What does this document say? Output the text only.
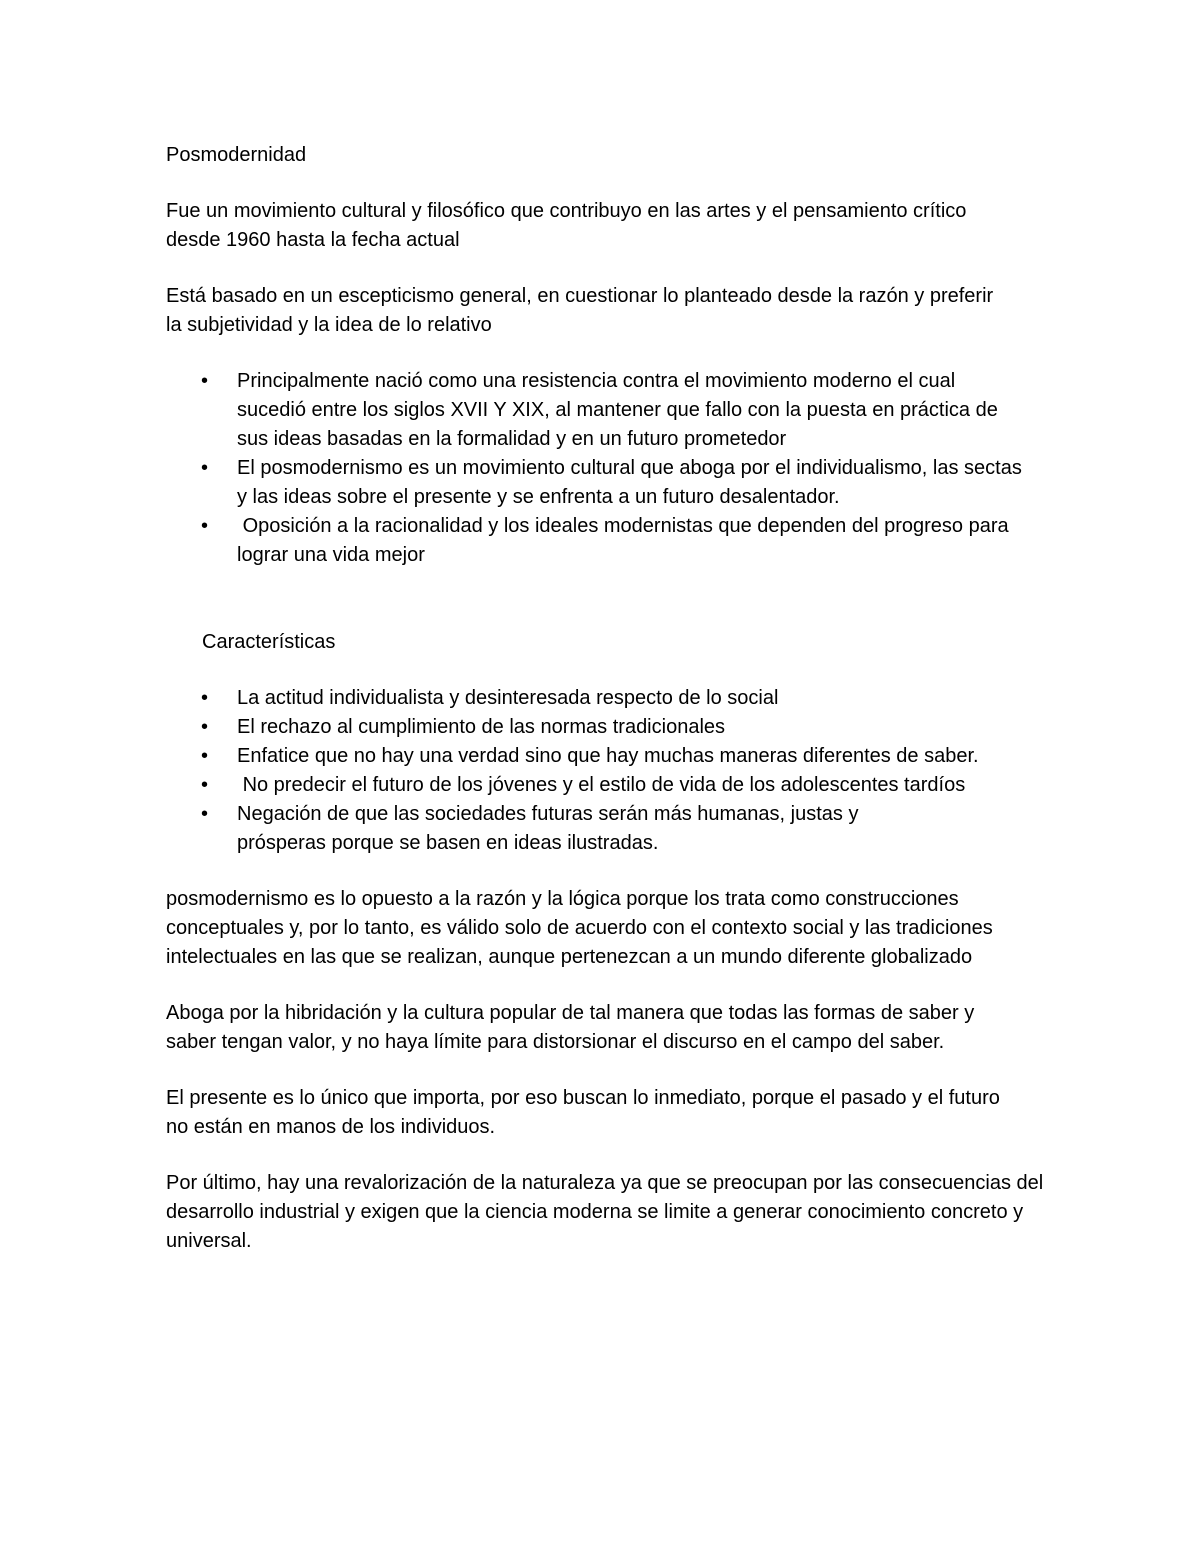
Posmodernidad
Fue un movimiento cultural y filosófico que contribuyo en las artes y el pensamiento crítico desde 1960 hasta la fecha actual
Está basado en un escepticismo general, en cuestionar lo planteado desde la razón y preferir la subjetividad y la idea de lo relativo
• Principalmente nació como una resistencia contra el movimiento moderno el cual sucedió entre los siglos XVII Y XIX, al mantener que fallo con la puesta en práctica de sus ideas basadas en la formalidad y en un futuro prometedor
• El posmodernismo es un movimiento cultural que aboga por el individualismo, las sectas y las ideas sobre el presente y se enfrenta a un futuro desalentador.
• Oposición a la racionalidad y los ideales modernistas que dependen del progreso para lograr una vida mejor
Características
• La actitud individualista y desinteresada respecto de lo social
• El rechazo al cumplimiento de las normas tradicionales
• Enfatice que no hay una verdad sino que hay muchas maneras diferentes de saber.
• No predecir el futuro de los jóvenes y el estilo de vida de los adolescentes tardíos
• Negación de que las sociedades futuras serán más humanas, justas y prósperas porque se basen en ideas ilustradas.
posmodernismo es lo opuesto a la razón y la lógica porque los trata como construcciones conceptuales y, por lo tanto, es válido solo de acuerdo con el contexto social y las tradiciones intelectuales en las que se realizan, aunque pertenezcan a un mundo diferente globalizado
Aboga por la hibridación y la cultura popular de tal manera que todas las formas de saber y saber tengan valor, y no haya límite para distorsionar el discurso en el campo del saber.
El presente es lo único que importa, por eso buscan lo inmediato, porque el pasado y el futuro no están en manos de los individuos.
Por último, hay una revalorización de la naturaleza ya que se preocupan por las consecuencias del desarrollo industrial y exigen que la ciencia moderna se limite a generar conocimiento concreto y universal.
